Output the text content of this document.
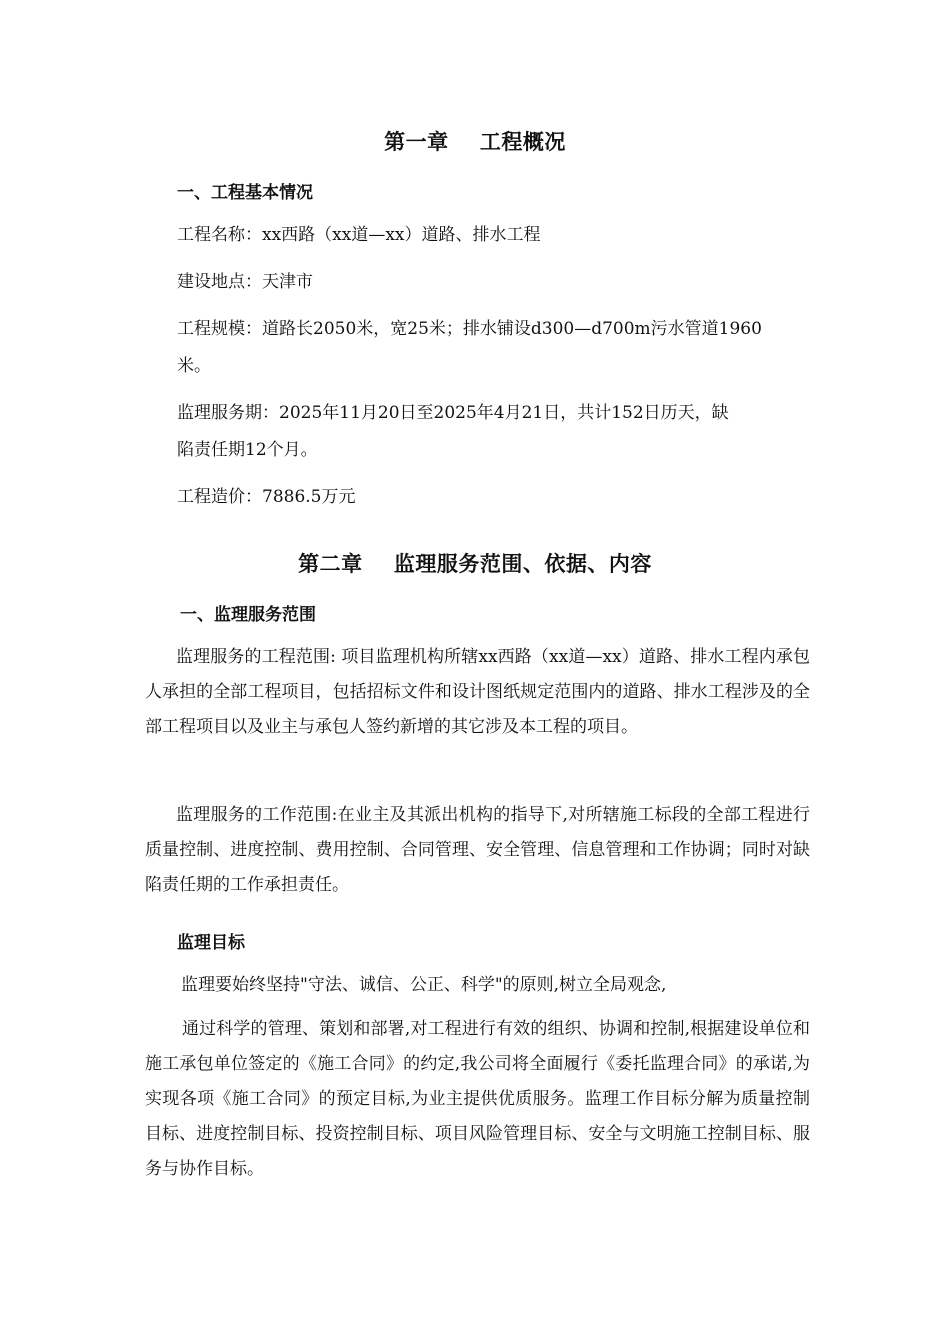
第一章    工程概况
一、工程基本情况
工程名称：xx西路（xx道—xx）道路、排水工程
建设地点：天津市
工程规模：道路长2050米，宽25米；排水铺设d300—d700m污水管道1960
米。
监理服务期：2025年11月20日至2025年4月21日，共计152日历天，缺
陷责任期12个月。
工程造价：7886.5万元
第二章    监理服务范围、依据、内容
一、监理服务范围

监理服务的工程范围: 项目监理机构所辖xx西路（xx道—xx）道路、排水工程内承包人承担的全部工程项目，包括招标文件和设计图纸规定范围内的道路、排水工程涉及的全部工程项目以及业主与承包人签约新增的其它涉及本工程的项目。

监理服务的工作范围:在业主及其派出机构的指导下,对所辖施工标段的全部工程进行质量控制、进度控制、费用控制、合同管理、安全管理、信息管理和工作协调；同时对缺陷责任期的工作承担责任。

监理目标
监理要始终坚持"守法、诚信、公正、科学"的原则,树立全局观念,

通过科学的管理、策划和部署,对工程进行有效的组织、协调和控制,根据建设单位和施工承包单位签定的《施工合同》的约定,我公司将全面履行《委托监理合同》的承诺,为实现各项《施工合同》的预定目标,为业主提供优质服务。监理工作目标分解为质量控制目标、进度控制目标、投资控制目标、项目风险管理目标、安全与文明施工控制目标、服务与协作目标。
